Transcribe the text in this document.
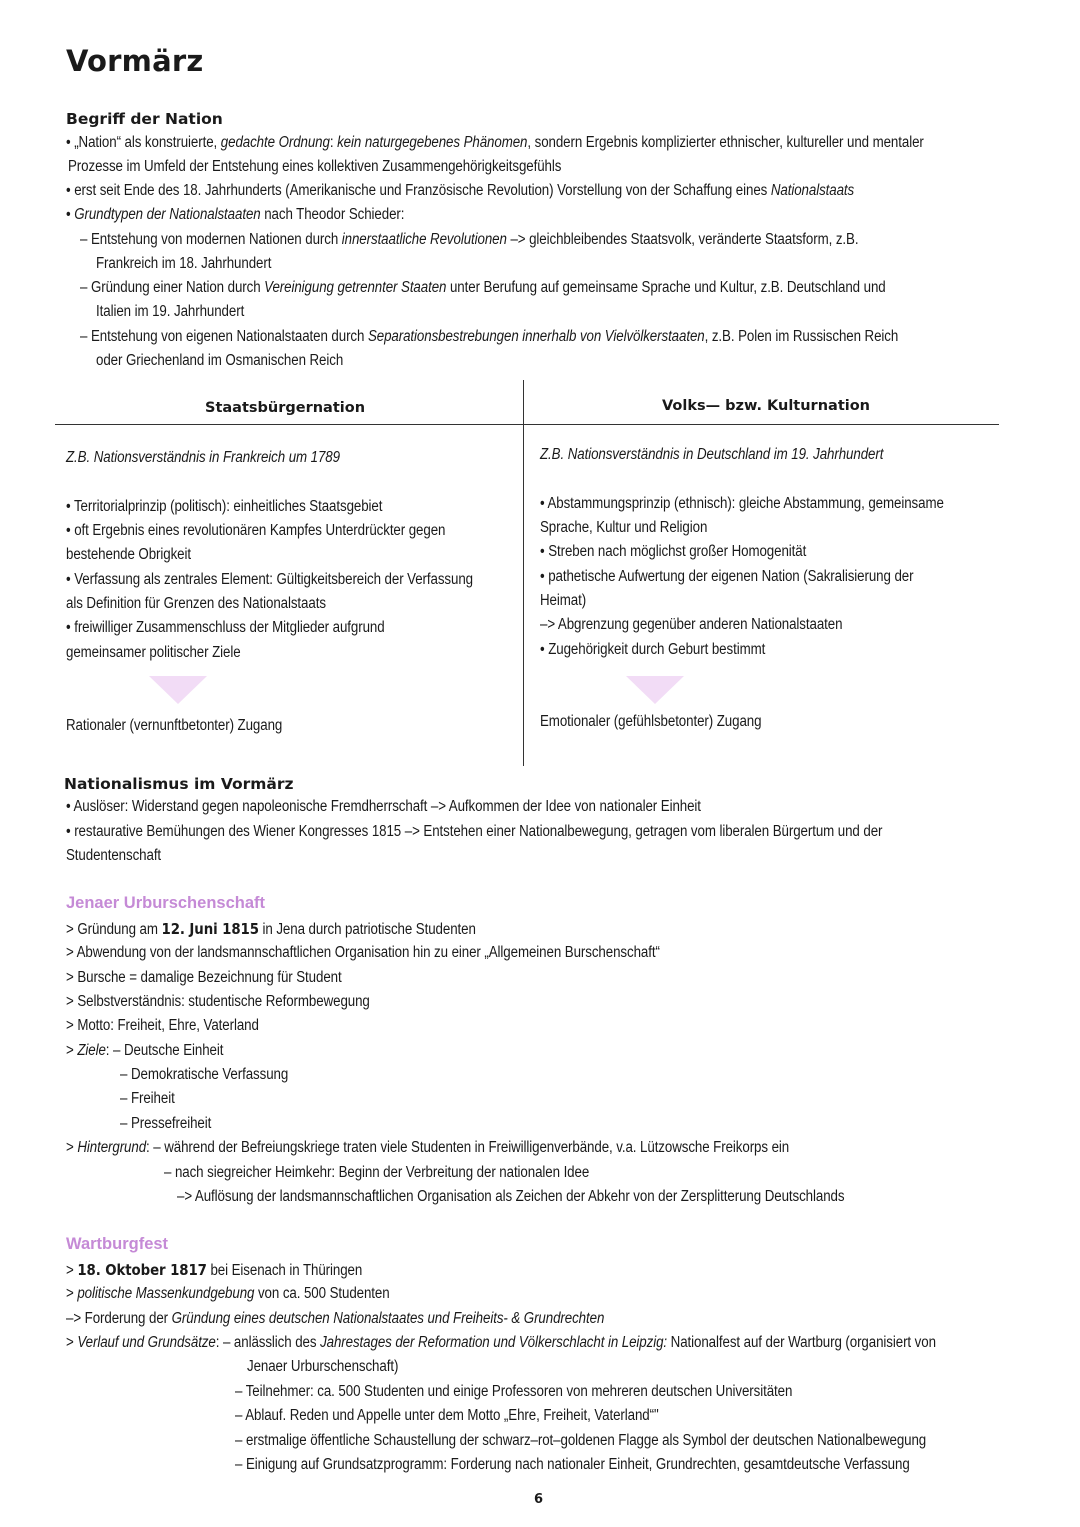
Vormärz
Begriff der Nation
• „Nation“ als konstruierte, gedachte Ordnung: kein naturgegebenes Phänomen, sondern Ergebnis komplizierter ethnischer, kultureller und mentaler
Prozesse im Umfeld der Entstehung eines kollektiven Zusammengehörigkeitsgefühls
• erst seit Ende des 18. Jahrhunderts (Amerikanische und Französische Revolution) Vorstellung von der Schaffung eines Nationalstaats
• Grundtypen der Nationalstaaten nach Theodor Schieder:
– Entstehung von modernen Nationen durch innerstaatliche Revolutionen –> gleichbleibendes Staatsvolk, veränderte Staatsform, z.B.
Frankreich im 18. Jahrhundert
– Gründung einer Nation durch Vereinigung getrennter Staaten unter Berufung auf gemeinsame Sprache und Kultur, z.B. Deutschland und
Italien im 19. Jahrhundert
– Entstehung von eigenen Nationalstaaten durch Separationsbestrebungen innerhalb von Vielvölkerstaaten, z.B. Polen im Russischen Reich
oder Griechenland im Osmanischen Reich
Staatsbürgernation	Volks— bzw. Kulturnation
Z.B. Nationsverständnis in Frankreich um 1789
• Territorialprinzip (politisch): einheitliches Staatsgebiet
• oft Ergebnis eines revolutionären Kampfes Unterdrückter gegen
bestehende Obrigkeit
• Verfassung als zentrales Element: Gültigkeitsbereich der Verfassung
als Definition für Grenzen des Nationalstaats
• freiwilliger Zusammenschluss der Mitglieder aufgrund
gemeinsamer politischer Ziele
Rationaler (vernunftbetonter) Zugang
Z.B. Nationsverständnis in Deutschland im 19. Jahrhundert
• Abstammungsprinzip (ethnisch): gleiche Abstammung, gemeinsame
Sprache, Kultur und Religion
• Streben nach möglichst großer Homogenität
• pathetische Aufwertung der eigenen Nation (Sakralisierung der
Heimat)
–> Abgrenzung gegenüber anderen Nationalstaaten
• Zugehörigkeit durch Geburt bestimmt
Emotionaler (gefühlsbetonter) Zugang
Nationalismus im Vormärz
• Auslöser: Widerstand gegen napoleonische Fremdherrschaft –> Aufkommen der Idee von nationaler Einheit
• restaurative Bemühungen des Wiener Kongresses 1815 –> Entstehen einer Nationalbewegung, getragen vom liberalen Bürgertum und der
Studentenschaft
Jenaer Urburschenschaft
> Gründung am 12. Juni 1815 in Jena durch patriotische Studenten
> Abwendung von der landsmannschaftlichen Organisation hin zu einer „Allgemeinen Burschenschaft“
> Bursche = damalige Bezeichnung für Student
> Selbstverständnis: studentische Reformbewegung
> Motto: Freiheit, Ehre, Vaterland
> Ziele: – Deutsche Einheit
– Demokratische Verfassung
– Freiheit
– Pressefreiheit
> Hintergrund: – während der Befreiungskriege traten viele Studenten in Freiwilligenverbände, v.a. Lützowsche Freikorps ein
– nach siegreicher Heimkehr: Beginn der Verbreitung der nationalen Idee
–> Auflösung der landsmannschaftlichen Organisation als Zeichen der Abkehr von der Zersplitterung Deutschlands
Wartburgfest
> 18. Oktober 1817 bei Eisenach in Thüringen
> politische Massenkundgebung von ca. 500 Studenten
–> Forderung der Gründung eines deutschen Nationalstaates und Freiheits- & Grundrechten
> Verlauf und Grundsätze: – anlässlich des Jahrestages der Reformation und Völkerschlacht in Leipzig: Nationalfest auf der Wartburg (organisiert von
Jenaer Urburschenschaft)
– Teilnehmer: ca. 500 Studenten und einige Professoren von mehreren deutschen Universitäten
– Ablauf. Reden und Appelle unter dem Motto „Ehre, Freiheit, Vaterland“"
– erstmalige öffentliche Schaustellung der schwarz–rot–goldenen Flagge als Symbol der deutschen Nationalbewegung
– Einigung auf Grundsatzprogramm: Forderung nach nationaler Einheit, Grundrechten, gesamtdeutsche Verfassung
6
